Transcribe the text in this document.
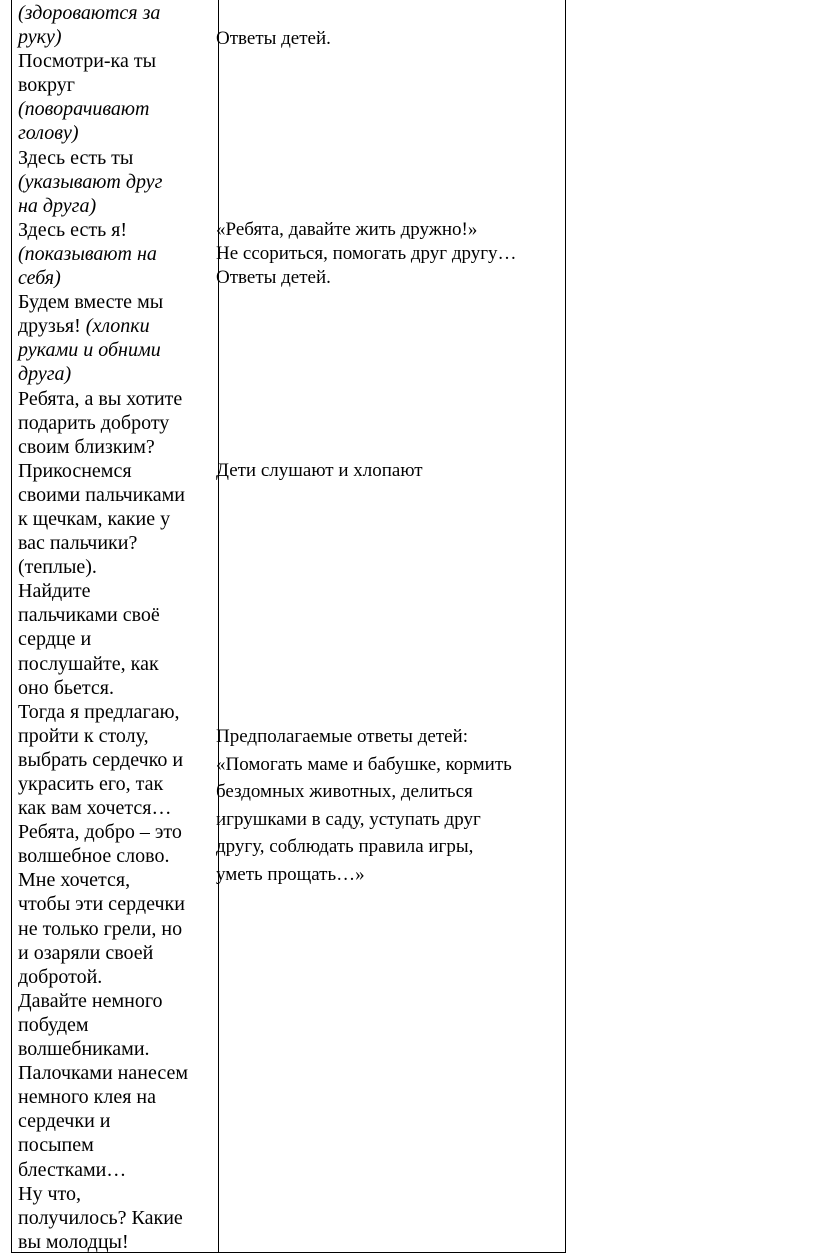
(здороваются за

руку)

Посмотри-ка ты

вокруг

(поворачивают

голову)

Здесь есть ты

(указывают друг

на друга)

Здесь есть я!

(показывают на

себя)

Будем вместе мы

друзья! (хлопки

руками и обними

друга)

Ребята, а вы хотите

подарить доброту

своим близким?

Прикоснемся

своими пальчиками

к щечкам, какие у

вас пальчики?

(теплые).

Найдите

пальчиками своё

сердце и

послушайте, как

оно бьется.

Тогда я предлагаю,

пройти к столу,

выбрать сердечко и

украсить его, так

как вам хочется…

Ребята, добро – это

волшебное слово.

Мне хочется,

чтобы эти сердечки

не только грели, но

и озаряли своей

добротой.

Давайте немного

побудем

волшебниками.

Палочками нанесем

немного клея на

сердечки и

посыпем

блестками…

Ну что,

получилось? Какие

вы молодцы!

Ответы детей.

«Ребята, давайте жить дружно!»

Не ссориться, помогать друг другу…

Ответы детей.

Дети слушают и хлопают

Предполагаемые ответы детей:

«Помогать маме и бабушке, кормить

бездомных животных, делиться

игрушками в саду, уступать друг

другу, соблюдать правила игры,

уметь прощать…»
